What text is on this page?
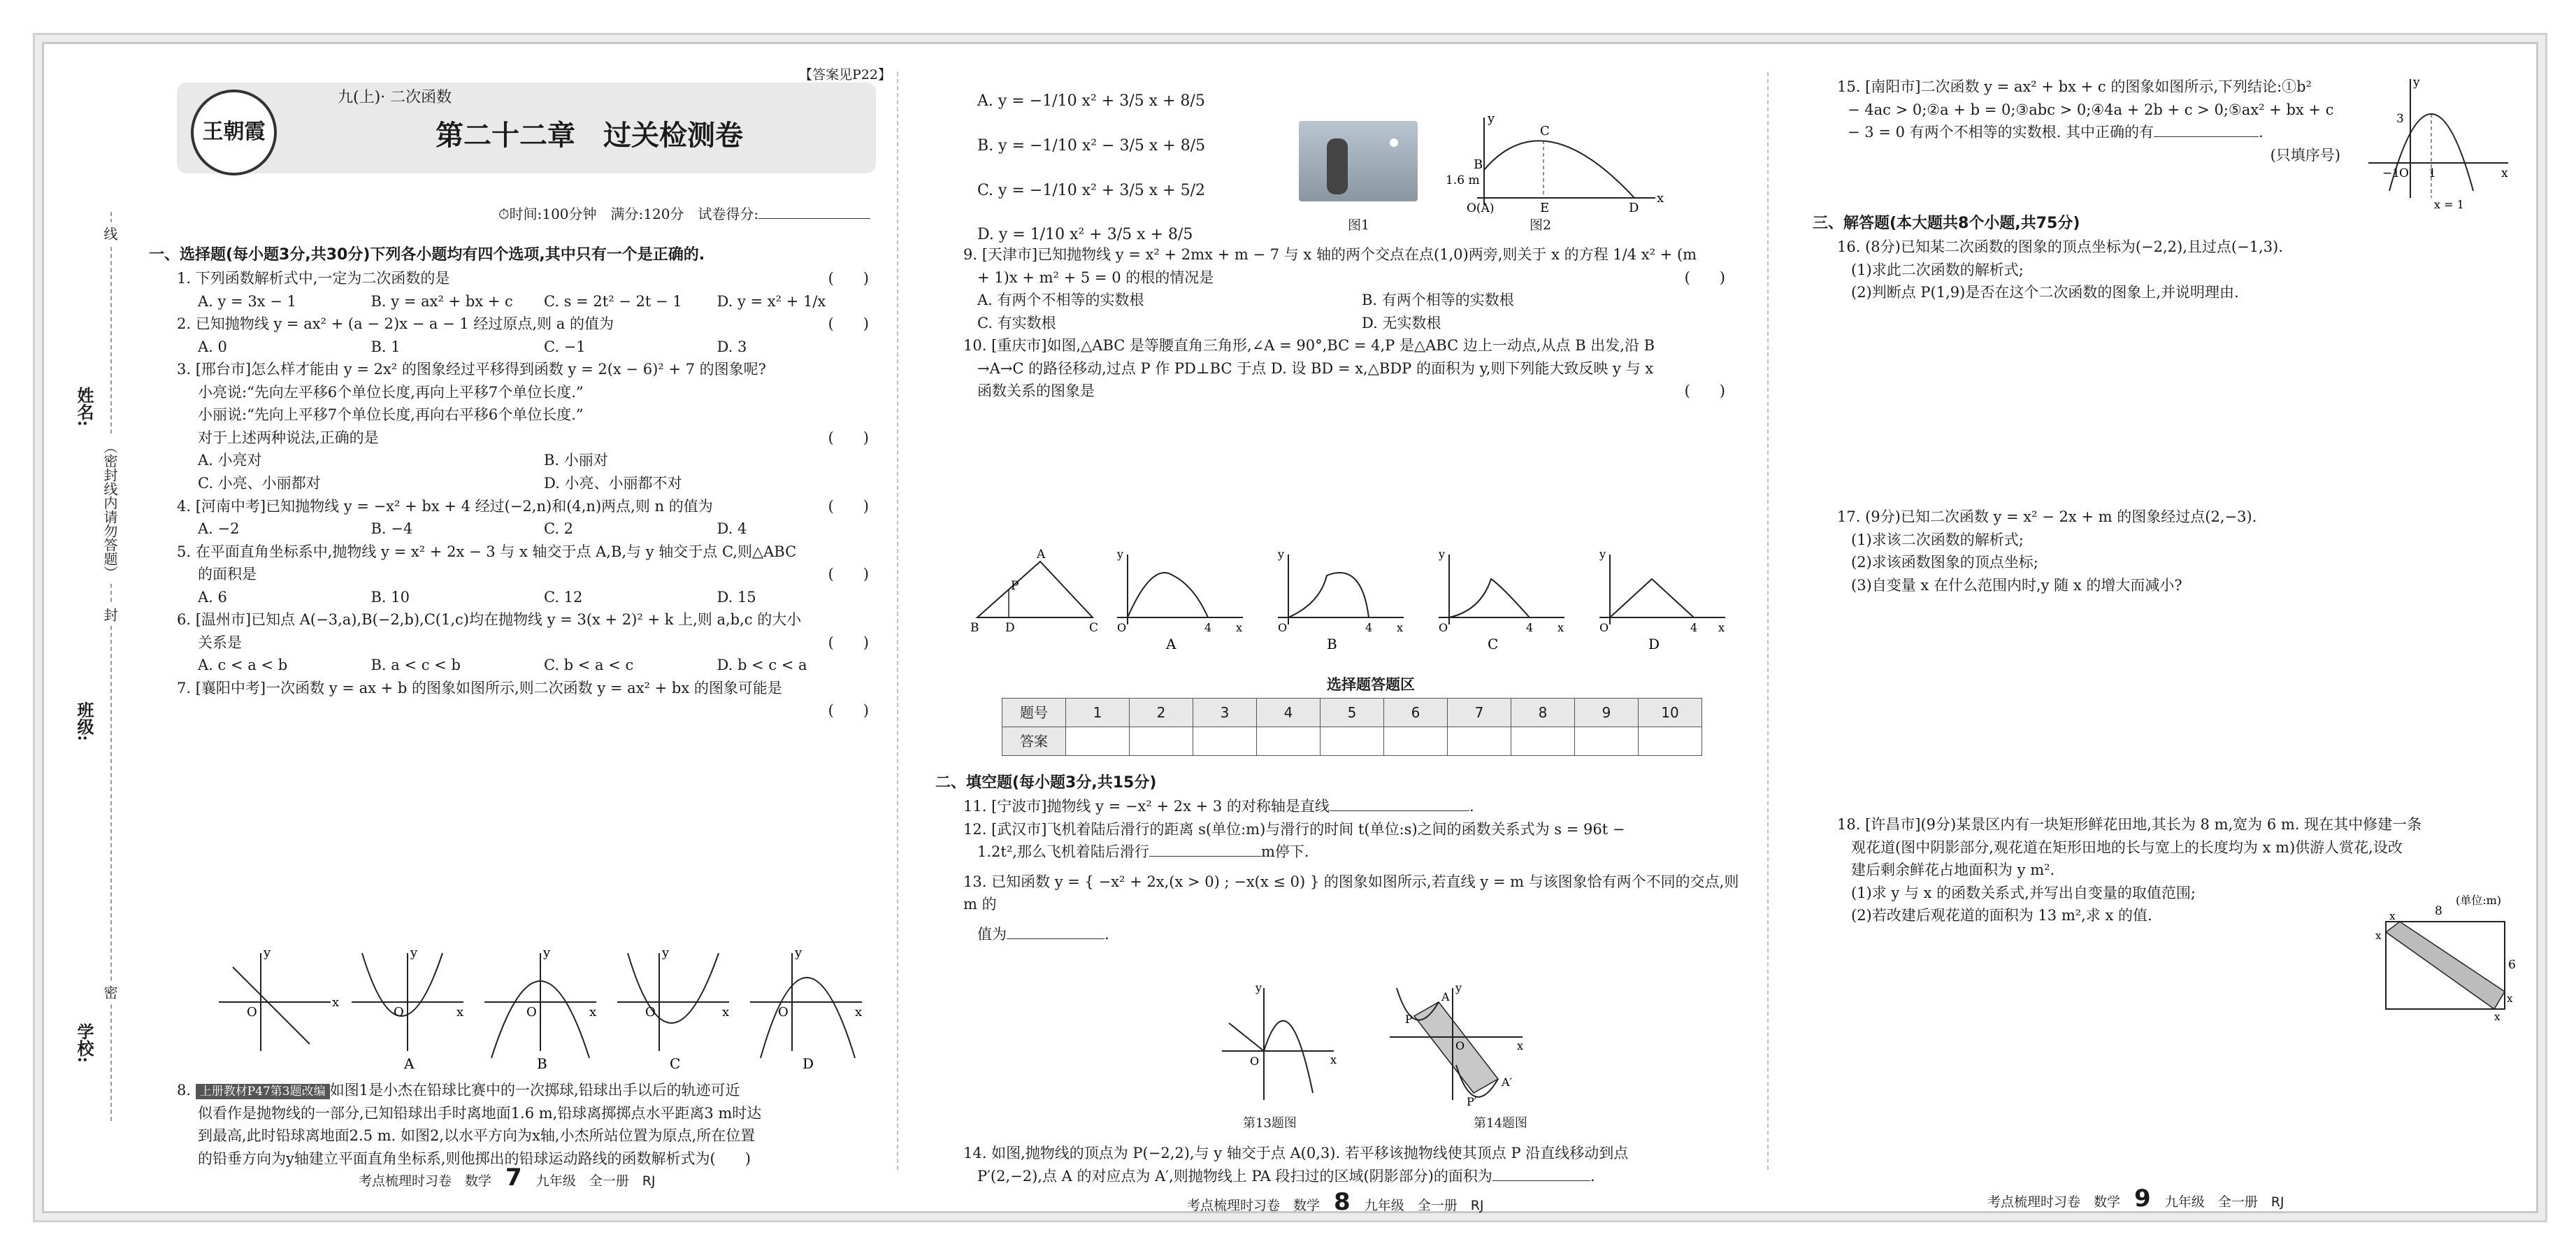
姓名:
班级:
学校:
线
（密封线内请勿答题）
封
密
【答案见P22】
王朝霞
九(上)· 二次函数
第二十二章　过关检测卷
⏱时间:100分钟　满分:120分　试卷得分:

一、选择题(每小题3分,共30分)下列各小题均有四个选项,其中只有一个是正确的.

1. 下列函数解析式中,一定为二次函数的是	(　　)

A. y = 3x − 1	B. y = ax² + bx + c	C. s = 2t² − 2t − 1	D. y = x² + 1/x

2. 已知抛物线 y = ax² + (a − 2)x − a − 1 经过原点,则 a 的值为	(　　)

A. 0	B. 1	C. −1	D. 3

3. [邢台市]怎么样才能由 y = 2x² 的图象经过平移得到函数 y = 2(x − 6)² + 7 的图象呢?

小亮说:“先向左平移6个单位长度,再向上平移7个单位长度.”

小丽说:“先向上平移7个单位长度,再向右平移6个单位长度.”

对于上述两种说法,正确的是	(　　)

A. 小亮对	B. 小丽对
C. 小亮、小丽都对	D. 小亮、小丽都不对

4. [河南中考]已知抛物线 y = −x² + bx + 4 经过(−2,n)和(4,n)两点,则 n 的值为	(　　)

A. −2	B. −4	C. 2	D. 4

5. 在平面直角坐标系中,抛物线 y = x² + 2x − 3 与 x 轴交于点 A,B,与 y 轴交于点 C,则△ABC

的面积是	(　　)

A. 6	B. 10	C. 12	D. 15

6. [温州市]已知点 A(−3,a),B(−2,b),C(1,c)均在抛物线 y = 3(x + 2)² + k 上,则 a,b,c 的大小

关系是	(　　)

A. c < a < b	B. a < c < b	C. b < a < c	D. b < c < a

7. [襄阳中考]一次函数 y = ax + b 的图象如图所示,则二次函数 y = ax² + bx 的图象可能是

(　　)

O
x
y
O	x
y
A
O	x
y
B
O	x
y
C
O	x
y
D

8. 上册教材P47第3题改编 如图1是小杰在铅球比赛中的一次掷球,铅球出手以后的轨迹可近

似看作是抛物线的一部分,已知铅球出手时离地面1.6 m,铅球离掷掷点水平距离3 m时达

到最高,此时铅球离地面2.5 m. 如图2,以水平方向为x轴,小杰所站位置为原点,所在位置

的铅垂方向为y轴建立平面直角坐标系,则他掷出的铅球运动路线的函数解析式为(　　)

考点梳理时习卷　数学 7 九年级　全一册　RJ

A. y = −1/10 x² + 3/5 x + 8/5

B. y = −1/10 x² − 3/5 x + 8/5

C. y = −1/10 x² + 3/5 x + 5/2

D. y = 1/10 x² + 3/5 x + 8/5

图1

y
C
B
1.6 m
O(A)	E	D
x

图2

9. [天津市]已知抛物线 y = x² + 2mx + m − 7 与 x 轴的两个交点在点(1,0)两旁,则关于 x 的方程 1/4 x² + (m

+ 1)x + m² + 5 = 0 的根的情况是	(　　)

A. 有两个不相等的实数根	B. 有两个相等的实数根
C. 有实数根	D. 无实数根

10. [重庆市]如图,△ABC 是等腰直角三角形,∠A = 90°,BC = 4,P 是△ABC 边上一动点,从点 B 出发,沿 B

→A→C 的路径移动,过点 P 作 PD⊥BC 于点 D. 设 BD = x,△BDP 的面积为 y,则下列能大致反映 y 与 x

函数关系的图象是	(　　)

B
A
C
P
D	O	4 x
y
A
O	4 x
y
B
O	4 x
y
C
O	4 x
y
D

选择题答题区

题号	1	2	3	4	5	6	7	8	9	10
答案										

二、填空题(每小题3分,共15分)

11. [宁波市]抛物线 y = −x² + 2x + 3 的对称轴是直线	.

12. [武汉市]飞机着陆后滑行的距离 s(单位:m)与滑行的时间 t(单位:s)之间的函数关系式为 s = 96t −

1.2t²,那么飞机着陆后滑行	m停下.

13. 已知函数 y = { −x² + 2x,(x > 0) ; −x(x ≤ 0) } 的图象如图所示,若直线 y = m 与该图象恰有两个不同的交点,则 m 的

值为	.

O	x
y
P
A
O
P′
A′
x
y

第13题图	第14题图

14. 如图,抛物线的顶点为 P(−2,2),与 y 轴交于点 A(0,3). 若平移该抛物线使其顶点 P 沿直线移动到点

P′(2,−2),点 A 的对应点为 A′,则抛物线上 PA 段扫过的区域(阴影部分)的面积为	.

考点梳理时习卷　数学 8 九年级　全一册　RJ

15. [南阳市]二次函数 y = ax² + bx + c 的图象如图所示,下列结论:①b²

− 4ac > 0;②a + b = 0;③abc > 0;④4a + 2b + c > 0;⑤ax² + bx + c

− 3 = 0 有两个不相等的实数根. 其中正确的有	.

(只填序号)

y
3
−1
O 1	x
x = 1

三、解答题(本大题共8个小题,共75分)

16. (8分)已知某二次函数的图象的顶点坐标为(−2,2),且过点(−1,3).

(1)求此二次函数的解析式;

(2)判断点 P(1,9)是否在这个二次函数的图象上,并说明理由.

17. (9分)已知二次函数 y = x² − 2x + m 的图象经过点(2,−3).

(1)求该二次函数的解析式;

(2)求该函数图象的顶点坐标;

(3)自变量 x 在什么范围内时,y 随 x 的增大而减小?

18. [许昌市](9分)某景区内有一块矩形鲜花田地,其长为 8 m,宽为 6 m. 现在其中修建一条

观花道(图中阴影部分,观花道在矩形田地的长与宽上的长度均为 x m)供游人赏花,设改

建后剩余鲜花占地面积为 y m².

(1)求 y 与 x 的函数关系式,并写出自变量的取值范围;

(2)若改建后观花道的面积为 13 m²,求 x 的值.

(单位:m)
8
6
x
x
x
x
考点梳理时习卷　数学 9 九年级　全一册　RJ
